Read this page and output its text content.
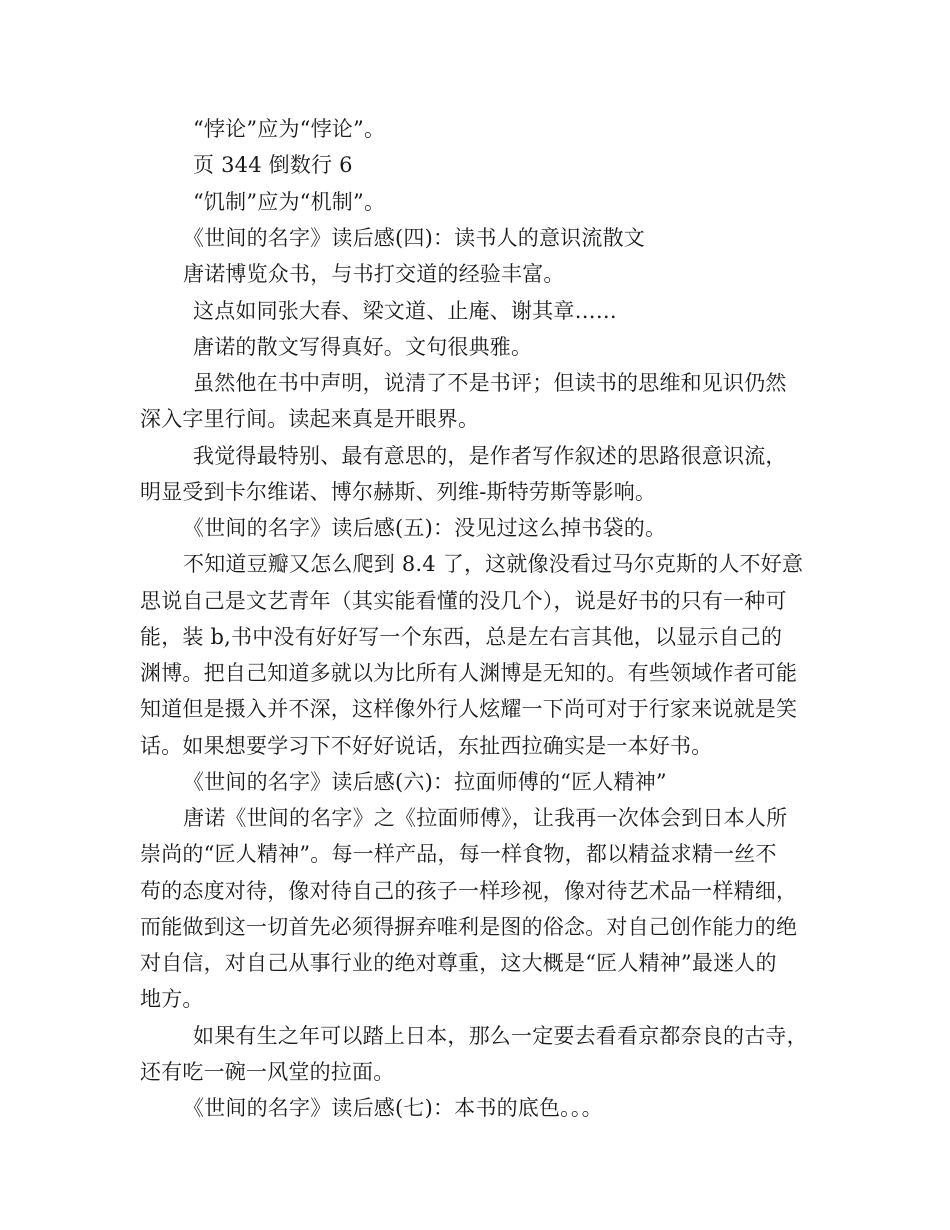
“悖论”应为“悖论”。
页 344 倒数行 6
“饥制”应为“机制”。
《世间的名字》读后感(四)：读书人的意识流散文
唐诺博览众书，与书打交道的经验丰富。
这点如同张大春、梁文道、止庵、谢其章……
唐诺的散文写得真好。文句很典雅。
虽然他在书中声明，说清了不是书评；但读书的思维和见识仍然
深入字里行间。读起来真是开眼界。
我觉得最特别、最有意思的，是作者写作叙述的思路很意识流，
明显受到卡尔维诺、博尔赫斯、列维-斯特劳斯等影响。
《世间的名字》读后感(五)：没见过这么掉书袋的。
不知道豆瓣又怎么爬到 8.4 了，这就像没看过马尔克斯的人不好意
思说自己是文艺青年（其实能看懂的没几个），说是好书的只有一种可
能，装 b,书中没有好好写一个东西，总是左右言其他，以显示自己的
渊博。把自己知道多就以为比所有人渊博是无知的。有些领域作者可能
知道但是摄入并不深，这样像外行人炫耀一下尚可对于行家来说就是笑
话。如果想要学习下不好好说话，东扯西拉确实是一本好书。
《世间的名字》读后感(六)：拉面师傅的“匠人精神”
唐诺《世间的名字》之《拉面师傅》，让我再一次体会到日本人所
崇尚的“匠人精神”。每一样产品，每一样食物，都以精益求精一丝不
苟的态度对待，像对待自己的孩子一样珍视，像对待艺术品一样精细，
而能做到这一切首先必须得摒弃唯利是图的俗念。对自己创作能力的绝
对自信，对自己从事行业的绝对尊重，这大概是“匠人精神”最迷人的
地方。
如果有生之年可以踏上日本，那么一定要去看看京都奈良的古寺，
还有吃一碗一风堂的拉面。
《世间的名字》读后感(七)：本书的底色。。。
